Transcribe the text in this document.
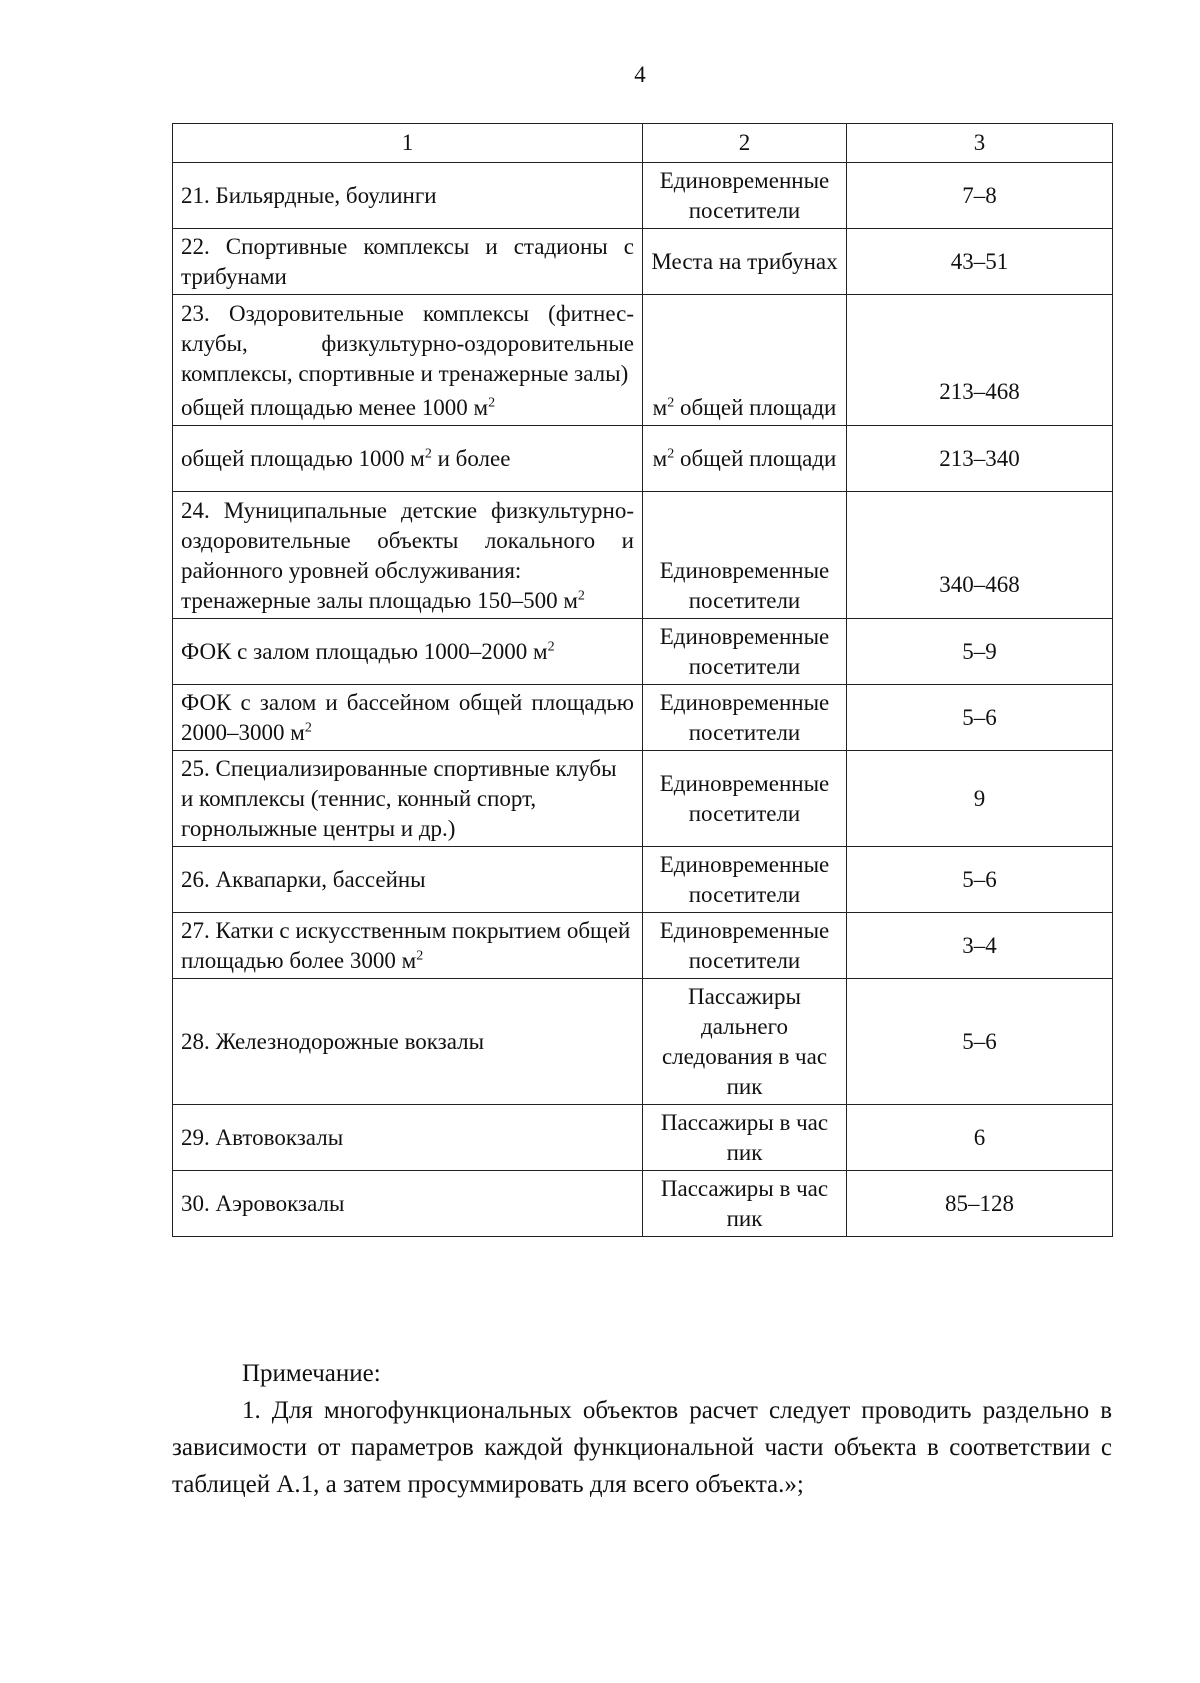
4
1	2	3
21. Бильярдные, боулинги	Единовременные посетители	7–8
22. Спортивные комплексы и стадионы с трибунами	Места на трибунах	43–51

23. Оздоровительные комплексы (фитнес-клубы, физкультурно-оздоровительные комплексы, спортивные и тренажерные залы)
общей площадью менее 1000 $м^2$	$м^2$ общей площади	213–468
общей площадью 1000 $м^2$ и более	$м^2$ общей площади	213–340

24. Муниципальные детские физкультурно-оздоровительные объекты локального и районного уровней обслуживания:
тренажерные залы площадью 150–500 $м^2$	Единовременные посетители	340–468
ФОК с залом площадью 1000–2000 $м^2$	Единовременные посетители	5–9
ФОК с залом и бассейном общей площадью 2000–3000 $м^2$	Единовременные посетители	5–6
25. Специализированные спортивные клубы и комплексы (теннис, конный спорт, горнолыжные центры и др.)	Единовременные посетители	9
26. Аквапарки, бассейны	Единовременные посетители	5–6
27. Катки с искусственным покрытием общей площадью более 3000 $м^2$	Единовременные посетители	3–4
28. Железнодорожные вокзалы	Пассажиры дальнего следования в час пик	5–6
29. Автовокзалы	Пассажиры в час пик	6
30. Аэровокзалы	Пассажиры в час пик	85–128
Примечание:
1. Для многофункциональных объектов расчет следует проводить раздельно в зависимости от параметров каждой функциональной части объекта в соответствии с таблицей А.1, а затем просуммировать для всего объекта.»;
